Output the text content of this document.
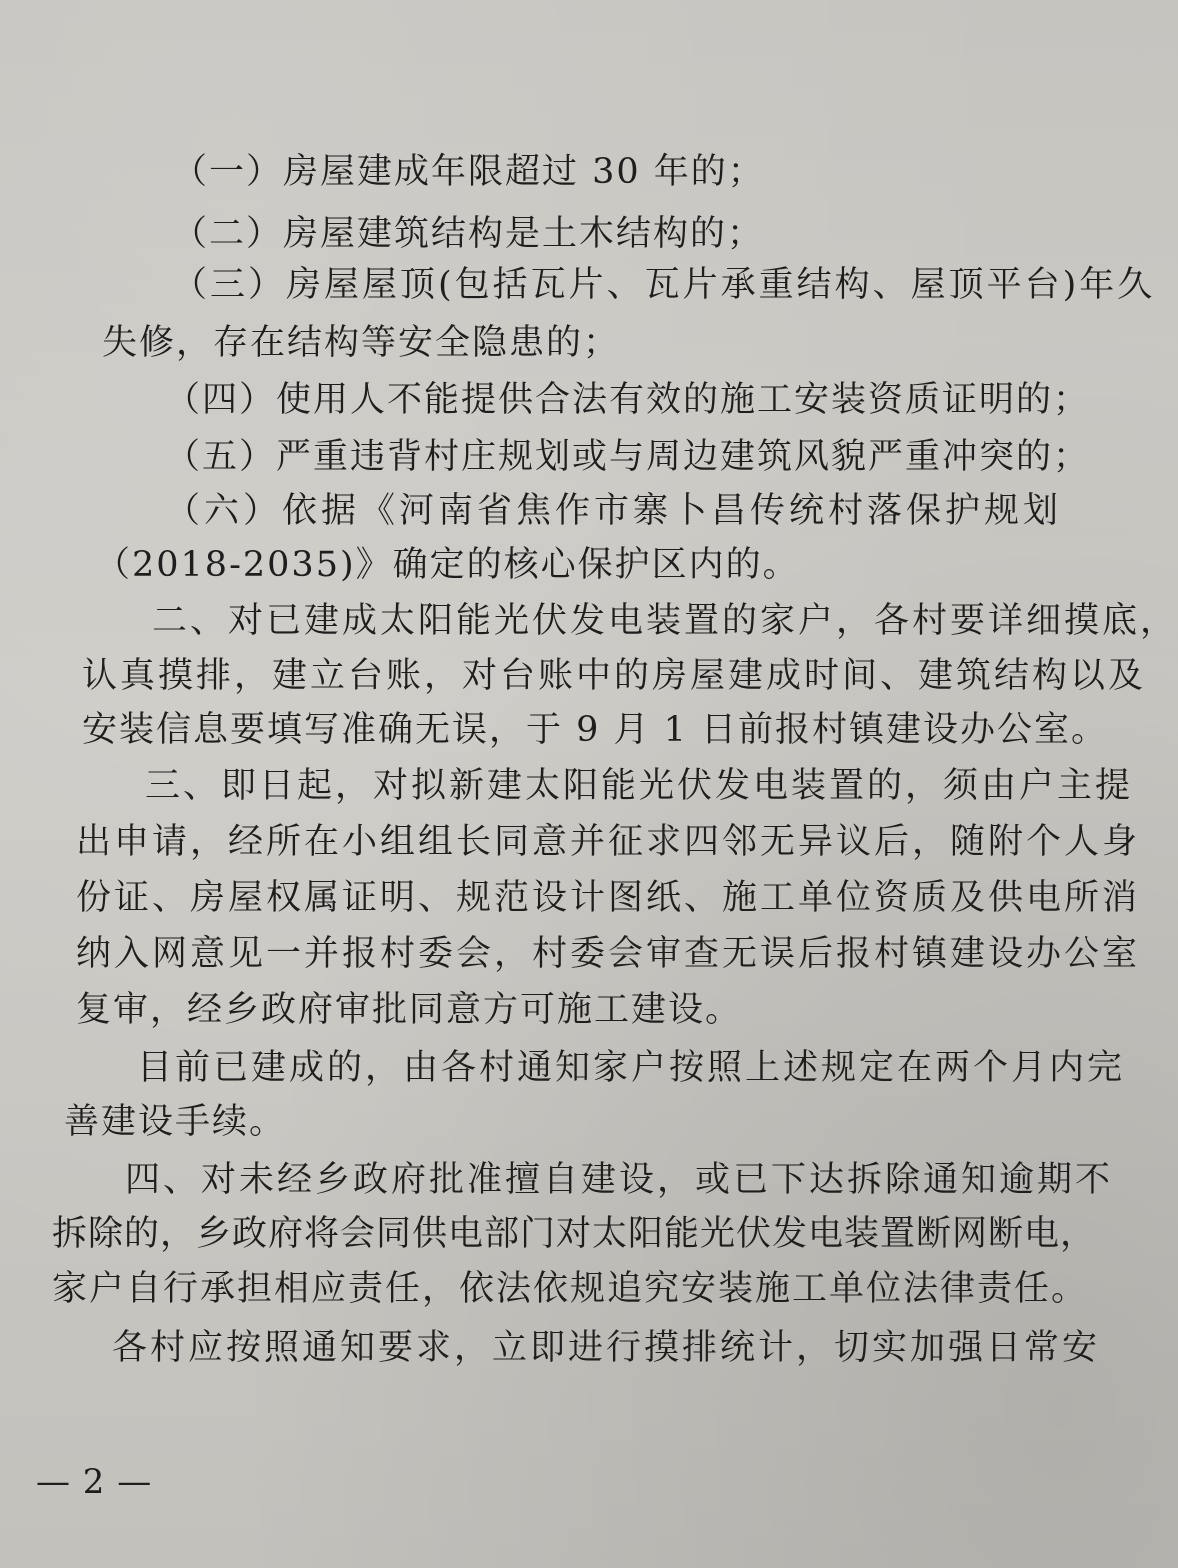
（一）房屋建成年限超过 30 年的；
（二）房屋建筑结构是土木结构的；
（三）房屋屋顶(包括瓦片、瓦片承重结构、屋顶平台)年久
失修，存在结构等安全隐患的；
（四）使用人不能提供合法有效的施工安装资质证明的；
（五）严重违背村庄规划或与周边建筑风貌严重冲突的；
（六）依据《河南省焦作市寨卜昌传统村落保护规划
（2018-2035)》确定的核心保护区内的。
二、对已建成太阳能光伏发电装置的家户，各村要详细摸底，
认真摸排，建立台账，对台账中的房屋建成时间、建筑结构以及
安装信息要填写准确无误，于 9 月 1 日前报村镇建设办公室。
三、即日起，对拟新建太阳能光伏发电装置的，须由户主提
出申请，经所在小组组长同意并征求四邻无异议后，随附个人身
份证、房屋权属证明、规范设计图纸、施工单位资质及供电所消
纳入网意见一并报村委会，村委会审查无误后报村镇建设办公室
复审，经乡政府审批同意方可施工建设。
目前已建成的，由各村通知家户按照上述规定在两个月内完
善建设手续。
四、对未经乡政府批准擅自建设，或已下达拆除通知逾期不
拆除的，乡政府将会同供电部门对太阳能光伏发电装置断网断电，
家户自行承担相应责任，依法依规追究安装施工单位法律责任。
各村应按照通知要求，立即进行摸排统计，切实加强日常安
— 2 —
